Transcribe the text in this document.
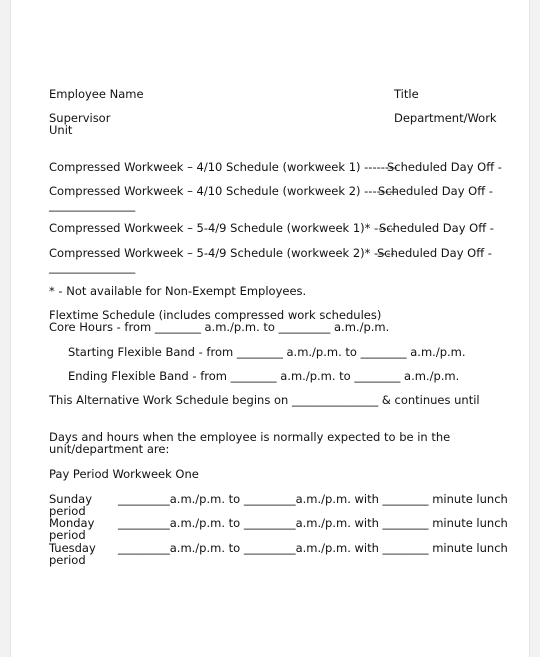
Employee Name	Title
Supervisor
Unit
Department/Work
Compressed Workweek – 4/10 Schedule (workweek 1) --------
Scheduled Day Off -
Compressed Workweek – 4/10 Schedule (workweek 2) --------
Scheduled Day Off -
_______________
Compressed Workweek – 5-4/9 Schedule (workweek 1)* -----
Scheduled Day Off -
Compressed Workweek – 5-4/9 Schedule (workweek 2)* -----
Scheduled Day Off -
_______________
* - Not available for Non-Exempt Employees.
Flextime Schedule (includes compressed work schedules)
Core Hours - from ________ a.m./p.m. to _________ a.m./p.m.
Starting Flexible Band - from ________ a.m./p.m. to ________ a.m./p.m.
Ending Flexible Band - from ________ a.m./p.m. to ________ a.m./p.m.
This Alternative Work Schedule begins on _______________ & continues until
Days and hours when the employee is normally expected to be in the
unit/department are:
Pay Period Workweek One
Sunday
period
_________a.m./p.m. to _________a.m./p.m. with ________ minute lunch
Monday
period
_________a.m./p.m. to _________a.m./p.m. with ________ minute lunch
Tuesday
period
_________a.m./p.m. to _________a.m./p.m. with ________ minute lunch
